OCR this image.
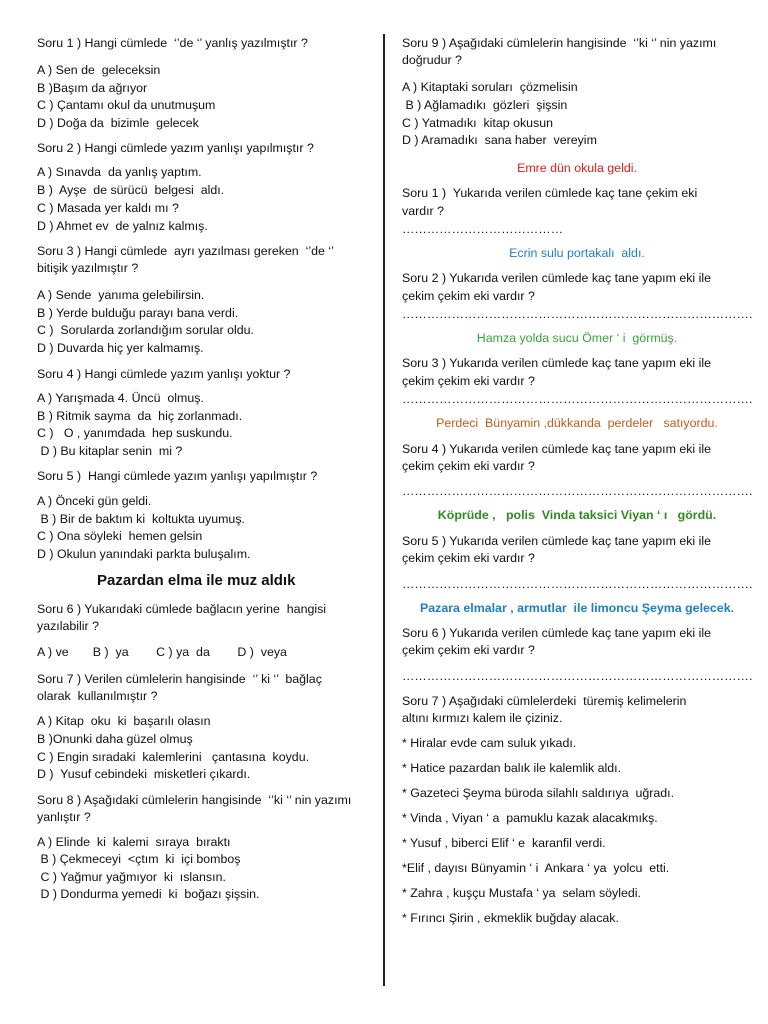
Soru 1 ) Hangi cümlede  ‘’de ‘’ yanlış yazılmıştır ?
A ) Sen de  geleceksin
B )Başım da ağrıyor
C ) Çantamı okul da unutmuşum
D ) Doğa da  bizimle  gelecek
Soru 2 ) Hangi cümlede yazım yanlışı yapılmıştır ?
A ) Sınavda  da yanlış yaptım.
B )  Ayşe  de sürücü  belgesi  aldı.
C ) Masada yer kaldı mı ?
D ) Ahmet ev  de yalnız kalmış.
Soru 3 ) Hangi cümlede  ayrı yazılması gereken  ‘’de ‘’
bitişik yazılmıştır ?
A ) Sende  yanıma gelebilirsin.
B ) Yerde bulduğu parayı bana verdi.
C )  Sorularda zorlandığım sorular oldu.
D ) Duvarda hiç yer kalmamış.
Soru 4 ) Hangi cümlede yazım yanlışı yoktur ?
A ) Yarışmada 4. Üncü  olmuş.
B ) Ritmik sayma  da  hiç zorlanmadı.
C )   O , yanımdada  hep suskundu.
D ) Bu kitaplar senin  mi ?
Soru 5 )  Hangi cümlede yazım yanlışı yapılmıştır ?
A ) Önceki gün geldi.
B ) Bir de baktım ki  koltukta uyumuş.
C ) Ona söyleki  hemen gelsin
D ) Okulun yanındaki parkta buluşalım.
Pazardan elma ile muz aldık
Soru 6 ) Yukarıdaki cümlede bağlacın yerine  hangisi
yazılabilir ?
A ) ve       B )  ya        C ) ya  da        D )  veya
Soru 7 ) Verilen cümlelerin hangisinde  ‘’ ki ‘’  bağlaç
olarak  kullanılmıştır ?
A ) Kitap  oku  ki  başarılı olasın
B )Onunki daha güzel olmuş
C ) Engin sıradaki  kalemlerini   çantasına  koydu.
D )  Yusuf cebindeki  misketleri çıkardı.
Soru 8 ) Aşağıdaki cümlelerin hangisinde  ‘’ki ‘’ nin yazımı
yanlıştır ?
A ) Elinde  ki  kalemi  sıraya  bıraktı
B ) Çekmeceyi  <çtım  ki  içi bomboş
C ) Yağmur yağmıyor  ki  ıslansın.
D ) Dondurma yemedi  ki  boğazı şişsin.
Soru 9 ) Aşağıdaki cümlelerin hangisinde  ‘’ki ‘’ nin yazımı
doğrudur ?
A ) Kitaptaki soruları  çözmelisin
B ) Ağlamadıkı  gözleri  şişsin
C ) Yatmadıkı  kitap okusun
D ) Aramadıkı  sana haber  vereyim
Emre dün okula geldi.
Soru 1 )  Yukarıda verilen cümlede kaç tane çekim eki
vardır ?
…………………………………
Ecrin sulu portakalı  aldı.
Soru 2 ) Yukarıda verilen cümlede kaç tane yapım eki ile
çekim çekim eki vardır ?
………………………………………………………………………….
Hamza yolda sucu Ömer ‘ i  görmüş.
Soru 3 ) Yukarıda verilen cümlede kaç tane yapım eki ile
çekim çekim eki vardır ?
………………………………………………………………………….
Perdeci  Bünyamin ,dükkanda  perdeler   satıyordu.
Soru 4 ) Yukarıda verilen cümlede kaç tane yapım eki ile
çekim çekim eki vardır ?
………………………………………………………………………….
Köprüde ,   polis  Vinda taksici Viyan ‘ ı   gördü.
Soru 5 ) Yukarıda verilen cümlede kaç tane yapım eki ile
çekim çekim eki vardır ?
………………………………………………………………………….
Pazara elmalar , armutlar  ile limoncu Şeyma gelecek.
Soru 6 ) Yukarıda verilen cümlede kaç tane yapım eki ile
çekim çekim eki vardır ?
………………………………………………………………………….
Soru 7 ) Aşağıdaki cümlelerdeki  türemiş kelimelerin
altını kırmızı kalem ile çiziniz.
* Hiralar evde cam suluk yıkadı.
* Hatice pazardan balık ile kalemlik aldı.
* Gazeteci Şeyma büroda silahlı saldırıya  uğradı.
* Vinda , Viyan ‘ a  pamuklu kazak alacakmıkş.
* Yusuf , biberci Elif ‘ e  karanfil verdi.
*Elif , dayısı Bünyamin ‘ i  Ankara ‘ ya  yolcu  etti.
* Zahra , kuşçu Mustafa ‘ ya  selam söyledi.
* Fırıncı Şirin , ekmeklik buğday alacak.
